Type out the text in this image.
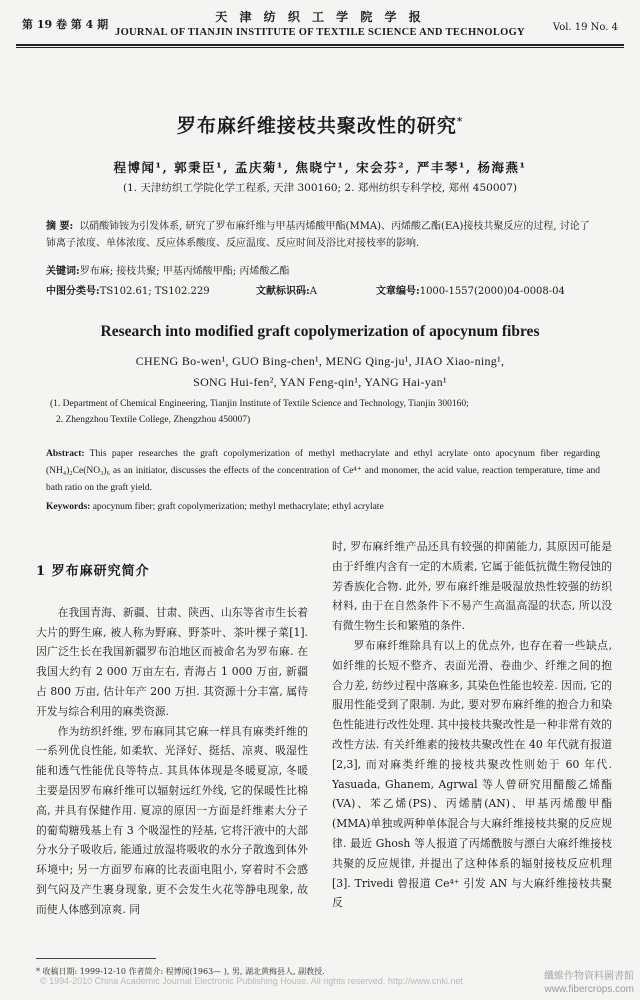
第 19 卷 第 4 期
天 津 纺 织 工 学 院 学 报
JOURNAL OF TIANJIN INSTITUTE OF TEXTILE SCIENCE AND TECHNOLOGY	Vol. 19 No. 4
罗布麻纤维接枝共聚改性的研究*
程博闻¹, 郭秉臣¹, 孟庆菊¹, 焦晓宁¹, 宋会芬², 严丰琴¹, 杨海燕¹
(1. 天津纺织工学院化学工程系, 天津 300160; 2. 郑州纺织专科学校, 郑州 450007)
摘 要: 以硝酸铈铵为引发体系, 研究了罗布麻纤维与甲基丙烯酸甲酯(MMA)、丙烯酸乙酯(EA)接枝共聚反应的过程, 讨论了铈离子浓度、单体浓度、反应体系酸度、反应温度、反应时间及浴比对接枝率的影响.
关键词:罗布麻; 接枝共聚; 甲基丙烯酸甲酯; 丙烯酸乙酯
中图分类号:TS102.61; TS102.229	文献标识码:A	文章编号:1000-1557(2000)04-0008-04
Research into modified graft copolymerization of apocynum fibres
CHENG Bo-wen¹, GUO Bing-chen¹, MENG Qing-ju¹, JIAO Xiao-ning¹,
SONG Hui-fen², YAN Feng-qin¹, YANG Hai-yan¹
(1. Department of Chemical Engineering, Tianjin Institute of Textile Science and Technology, Tianjin 300160;
2. Zhengzhou Textile College, Zhengzhou 450007)
Abstract: This paper researches the graft copolymerization of methyl methacrylate and ethyl acrylate onto apocynum fiber regarding (NH₄)₂Ce(NO₃)₆ as an initiator, discusses the effects of the concentration of Ce⁴⁺ and monomer, the acid value, reaction temperature, time and bath ratio on the graft yield.
Keywords: apocynum fiber; graft copolymerization; methyl methacrylate; ethyl acrylate
1 罗布麻研究简介

在我国青海、新疆、甘肃、陕西、山东等省市生长着大片的野生麻, 被人称为野麻、野茶叶、茶叶棵子菜[1]. 因广泛生长在我国新疆罗布泊地区而被命名为罗布麻. 在我国大约有 2 000 万亩左右, 青海占 1 000 万亩, 新疆占 800 万亩, 估计年产 200 万担. 其资源十分丰富, 属待开发与综合利用的麻类资源.

作为纺织纤维, 罗布麻同其它麻一样具有麻类纤维的一系列优良性能, 如柔软、光泽好、挺括、凉爽、吸湿性能和透气性能优良等特点. 其具体体现是冬暖夏凉, 冬暖主要是因罗布麻纤维可以辐射远红外线, 它的保暖性比棉高, 并具有保健作用. 夏凉的原因一方面是纤维素大分子的葡萄糖残基上有 3 个吸湿性的羟基, 它将汗液中的大部分水分子吸收后, 能通过放湿将吸收的水分子散逸到体外环境中; 另一方面罗布麻的比表面电阻小, 穿着时不会感到气闷及产生裹身现象, 更不会发生火花等静电现象, 故而使人体感到凉爽. 同

时, 罗布麻纤维产品还具有较强的抑菌能力, 其原因可能是由于纤维内含有一定的木质素, 它属于能低抗微生物侵蚀的芳香族化合物. 此外, 罗布麻纤维是吸湿放热性较强的纺织材料, 由于在自然条件下不易产生高温高湿的状态, 所以没有微生物生长和繁殖的条件.

罗布麻纤维除具有以上的优点外, 也存在着一些缺点, 如纤维的长短不整齐、表面光滑、卷曲少、纤维之间的抱合力差, 纺纱过程中落麻多, 其染色性能也较差. 因而, 它的服用性能受到了限制. 为此, 要对罗布麻纤维的抱合力和染色性能进行改性处理. 其中接枝共聚改性是一种非常有效的改性方法. 有关纤维素的接枝共聚改性在 40 年代就有报道[2,3], 而对麻类纤维的接枝共聚改性则始于 60 年代. Yasuada, Ghanem, Agrwal 等人曾研究用醋酸乙烯酯(VA)、苯乙烯(PS)、丙烯腈(AN)、甲基丙烯酸甲酯(MMA)单独或两种单体混合与大麻纤维接枝共聚的反应规律. 最近 Ghosh 等人报道了丙烯酰胺与漂白大麻纤维接枝共聚的反应规律, 并提出了这种体系的辐射接枝反应机理[3]. Trivedi 曾报道 Ce⁴⁺ 引发 AN 与大麻纤维接枝共聚反

* 收稿日期: 1999-12-10 作者简介: 程博闻(1963— ), 男, 湖北黄梅县人, 副教授.
© 1994-2010 China Academic Journal Electronic Publishing House. All rights reserved. http://www.cnki.net	纖維作物資料圖書館
www.fibercrops.com
